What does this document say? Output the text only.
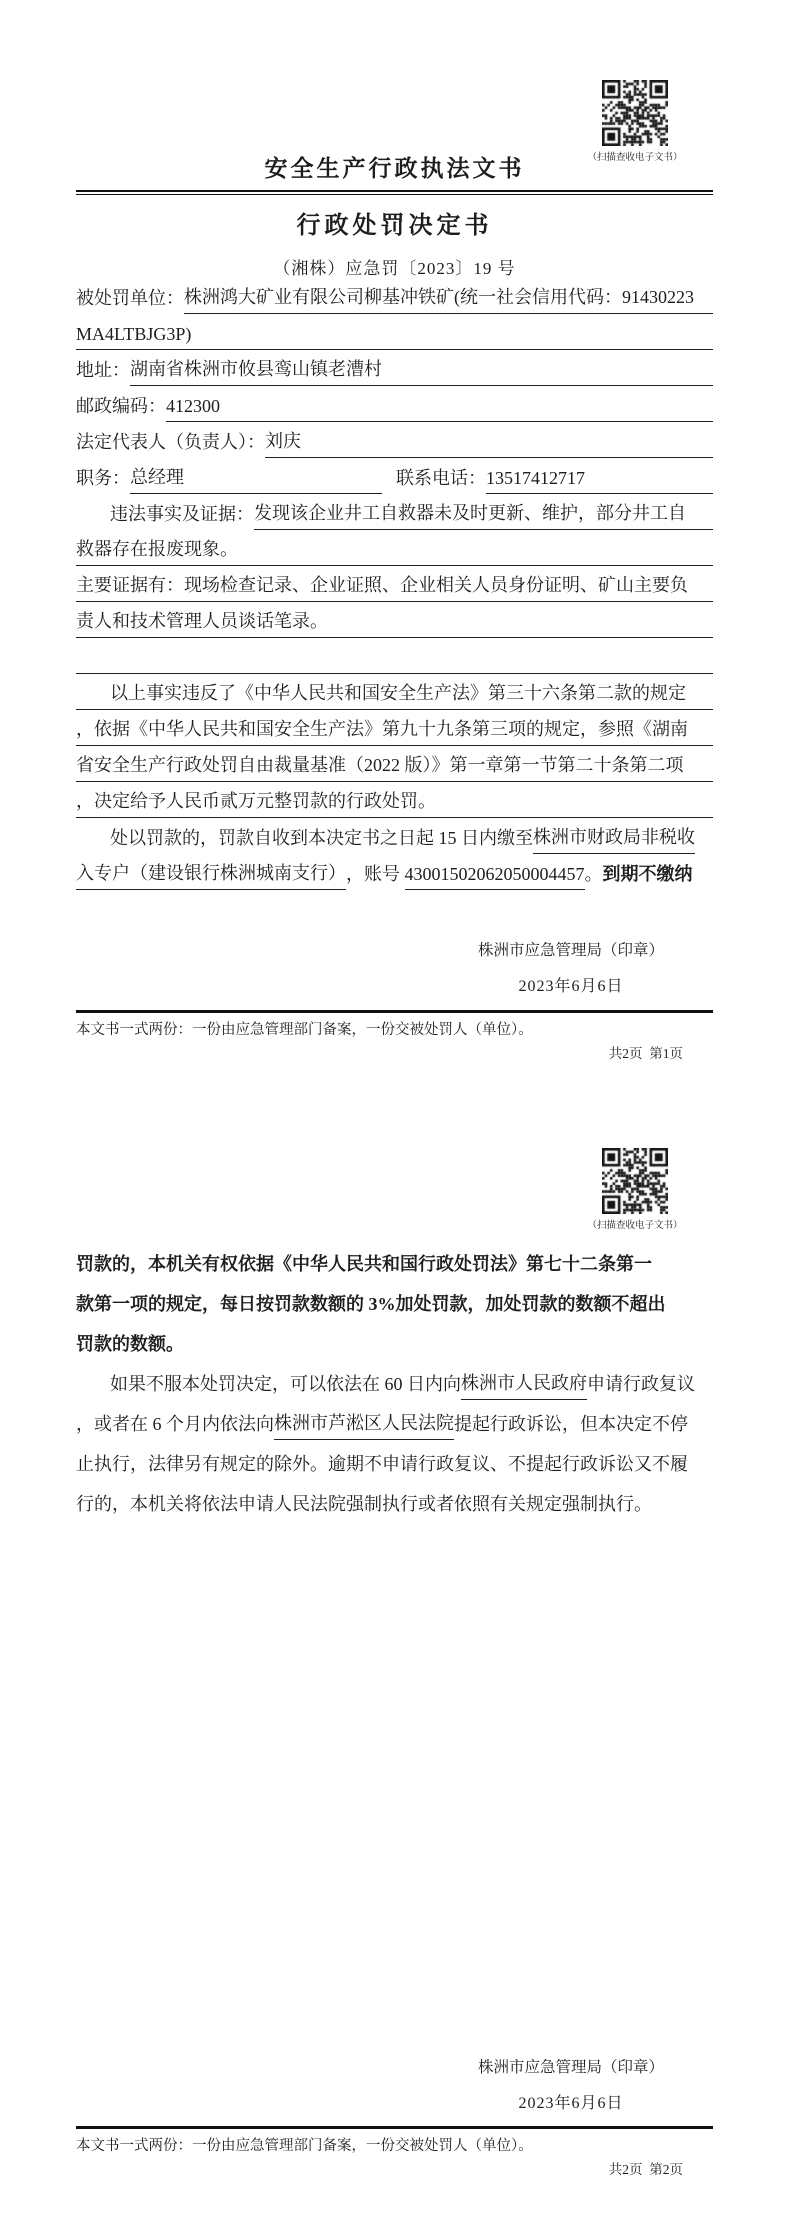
（扫描查收电子文书）
安全生产行政执法文书
行政处罚决定书
（湘株）应急罚〔2023〕19 号
被处罚单位： 株洲鸿大矿业有限公司柳基冲铁矿(统一社会信用代码：91430223
MA4LTBJG3P)
地址： 湖南省株洲市攸县鸾山镇老漕村
邮政编码： 412300
法定代表人（负责人）： 刘庆
职务： 总经理	联系电话： 13517412717
违法事实及证据： 发现该企业井工自救器未及时更新、维护，部分井工自
救器存在报废现象。
主要证据有：现场检查记录、企业证照、企业相关人员身份证明、矿山主要负
责人和技术管理人员谈话笔录。
以上事实违反了《中华人民共和国安全生产法》第三十六条第二款的规定
，依据《中华人民共和国安全生产法》第九十九条第三项的规定，参照《湖南
省安全生产行政处罚自由裁量基准（2022 版）》第一章第一节第二十条第二项
，决定给予人民币贰万元整罚款的行政处罚。
处以罚款的，罚款自收到本决定书之日起 15 日内缴至 株洲市财政局非税收
入专户（建设银行株洲城南支行） ，账号 43001502062050004457 。 到期不缴纳
株洲市应急管理局（印章）
2023年6月6日
本文书一式两份：一份由应急管理部门备案，一份交被处罚人（单位）。
共2页  第1页
（扫描查收电子文书）
罚款的，本机关有权依据《中华人民共和国行政处罚法》第七十二条第一
款第一项的规定，每日按罚款数额的 3%加处罚款，加处罚款的数额不超出
罚款的数额。
如果不服本处罚决定，可以依法在 60 日内向 株洲市人民政府 申请行政复议
，或者在 6 个月内依法向 株洲市芦淞区人民法院 提起行政诉讼，但本决定不停
止执行，法律另有规定的除外。逾期不申请行政复议、不提起行政诉讼又不履
行的，本机关将依法申请人民法院强制执行或者依照有关规定强制执行。
株洲市应急管理局（印章）
2023年6月6日
本文书一式两份：一份由应急管理部门备案，一份交被处罚人（单位）。
共2页  第2页
